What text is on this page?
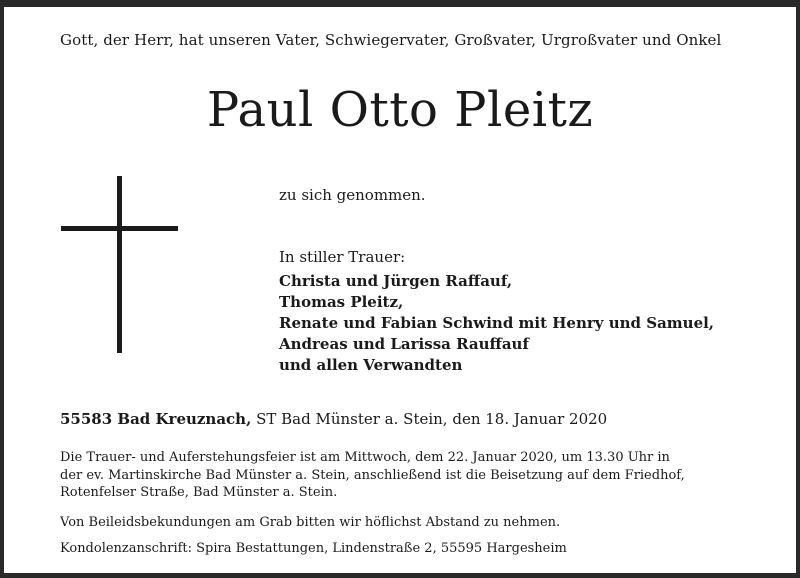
Gott, der Herr, hat unseren Vater, Schwiegervater, Großvater, Urgroßvater und Onkel
Paul Otto Pleitz
zu sich genommen.
In stiller Trauer:
Christa und Jürgen Raffauf,
Thomas Pleitz,
Renate und Fabian Schwind mit Henry und Samuel,
Andreas und Larissa Rauffauf
und allen Verwandten
55583 Bad Kreuznach, ST Bad Münster a. Stein, den 18. Januar 2020
Die Trauer- und Auferstehungsfeier ist am Mittwoch, dem 22. Januar 2020, um 13.30 Uhr in
der ev. Martinskirche Bad Münster a. Stein, anschließend ist die Beisetzung auf dem Friedhof,
Rotenfelser Straße, Bad Münster a. Stein.
Von Beileidsbekundungen am Grab bitten wir höflichst Abstand zu nehmen.
Kondolenzanschrift: Spira Bestattungen, Lindenstraße 2, 55595 Hargesheim
